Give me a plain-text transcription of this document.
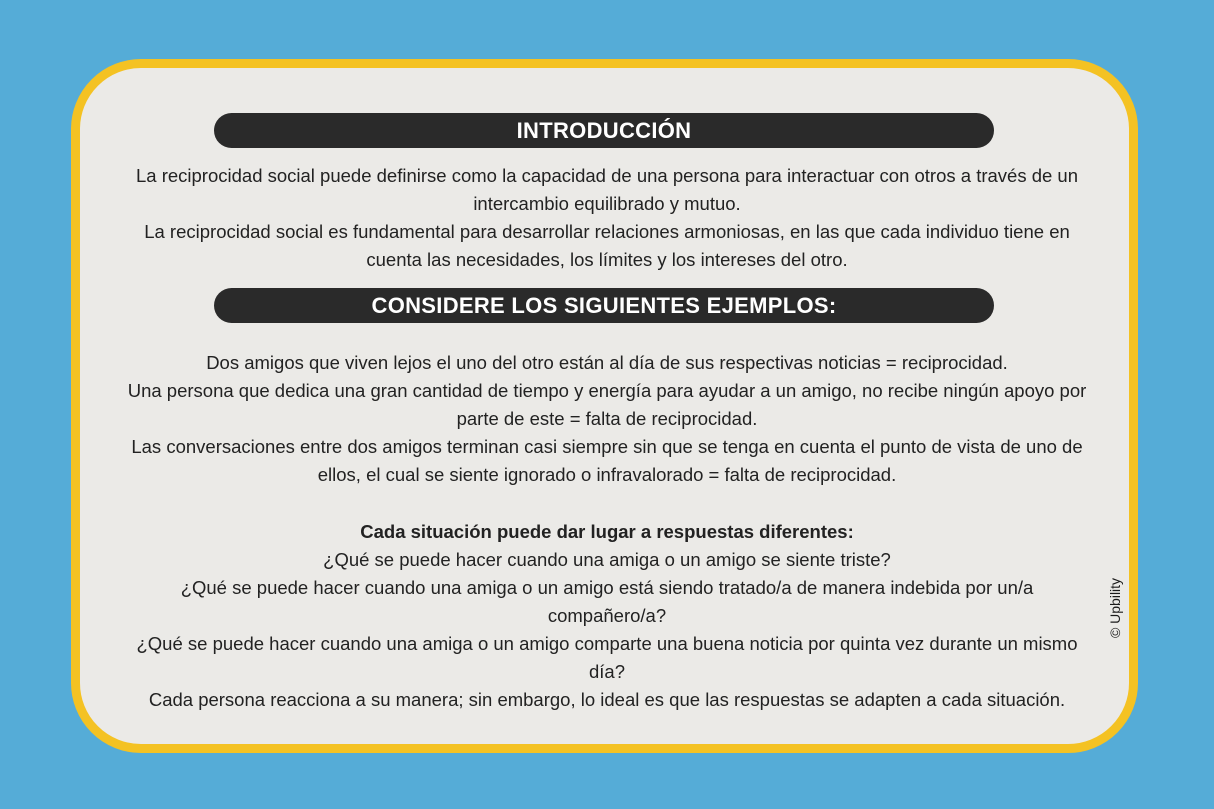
INTRODUCCIÓN

La reciprocidad social puede definirse como la capacidad de una persona para interactuar con otros a través de un intercambio equilibrado y mutuo.

La reciprocidad social es fundamental para desarrollar relaciones armoniosas, en las que cada individuo tiene en cuenta las necesidades, los límites y los intereses del otro.

CONSIDERE LOS SIGUIENTES EJEMPLOS:

Dos amigos que viven lejos el uno del otro están al día de sus respectivas noticias = reciprocidad.

Una persona que dedica una gran cantidad de tiempo y energía para ayudar a un amigo, no recibe ningún apoyo por parte de este = falta de reciprocidad.

Las conversaciones entre dos amigos terminan casi siempre sin que se tenga en cuenta el punto de vista de uno de ellos, el cual se siente ignorado o infravalorado = falta de reciprocidad.

Cada situación puede dar lugar a respuestas diferentes:

¿Qué se puede hacer cuando una amiga o un amigo se siente triste?

¿Qué se puede hacer cuando una amiga o un amigo está siendo tratado/a de manera indebida por un/a compañero/a?

¿Qué se puede hacer cuando una amiga o un amigo comparte una buena noticia por quinta vez durante un mismo día?

Cada persona reacciona a su manera; sin embargo, lo ideal es que las respuestas se adapten a cada situación.

© Upbility
